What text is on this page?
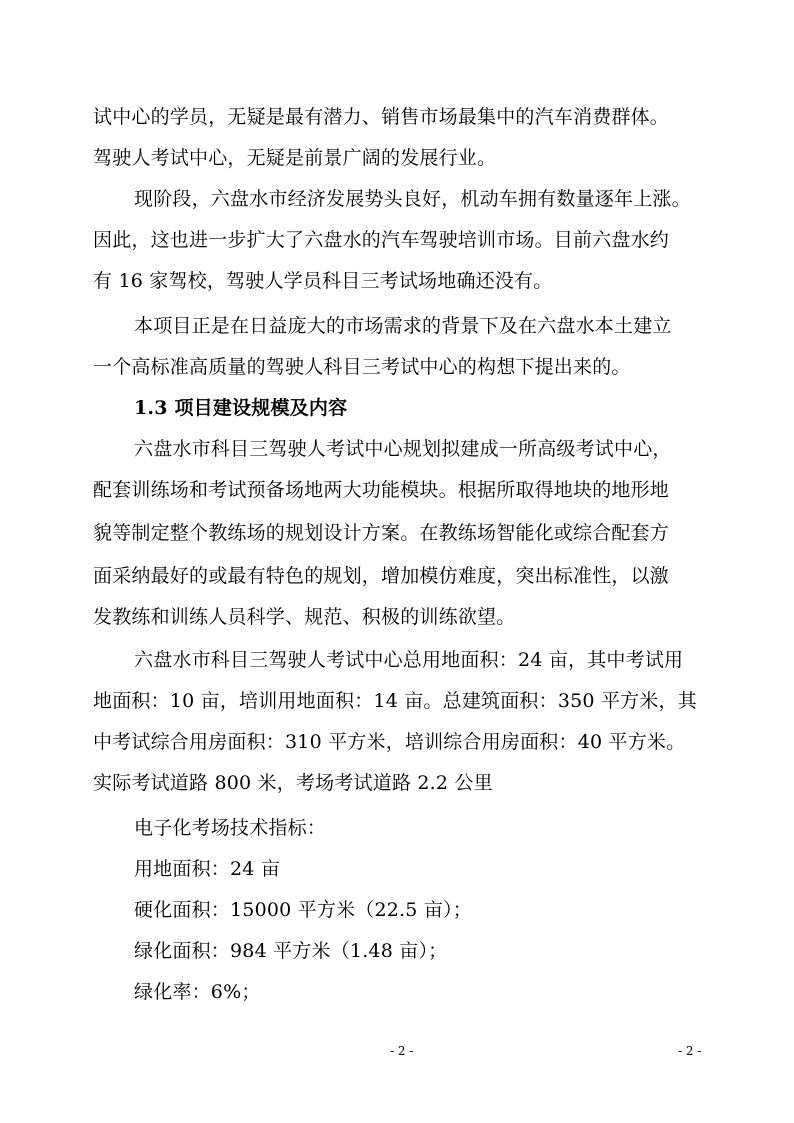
试中心的学员，无疑是最有潜力、销售市场最集中的汽车消费群体。
驾驶人考试中心，无疑是前景广阔的发展行业。
现阶段，六盘水市经济发展势头良好，机动车拥有数量逐年上涨。
因此，这也进一步扩大了六盘水的汽车驾驶培训市场。目前六盘水约
有 16 家驾校，驾驶人学员科目三考试场地确还没有。
本项目正是在日益庞大的市场需求的背景下及在六盘水本土建立
一个高标准高质量的驾驶人科目三考试中心的构想下提出来的。
1.3 项目建设规模及内容
六盘水市科目三驾驶人考试中心规划拟建成一所高级考试中心，
配套训练场和考试预备场地两大功能模块。根据所取得地块的地形地
貌等制定整个教练场的规划设计方案。在教练场智能化或综合配套方
面采纳最好的或最有特色的规划，增加模仿难度，突出标准性，以激
发教练和训练人员科学、规范、积极的训练欲望。
六盘水市科目三驾驶人考试中心总用地面积：24 亩，其中考试用
地面积：10 亩，培训用地面积：14 亩。总建筑面积：350 平方米，其
中考试综合用房面积：310 平方米，培训综合用房面积：40 平方米。
实际考试道路 800 米，考场考试道路 2.2 公里
电子化考场技术指标：
用地面积：24 亩
硬化面积：15000 平方米（22.5 亩）；
绿化面积：984 平方米（1.48 亩）；
绿化率：6%；
- 2 -	- 2 -
